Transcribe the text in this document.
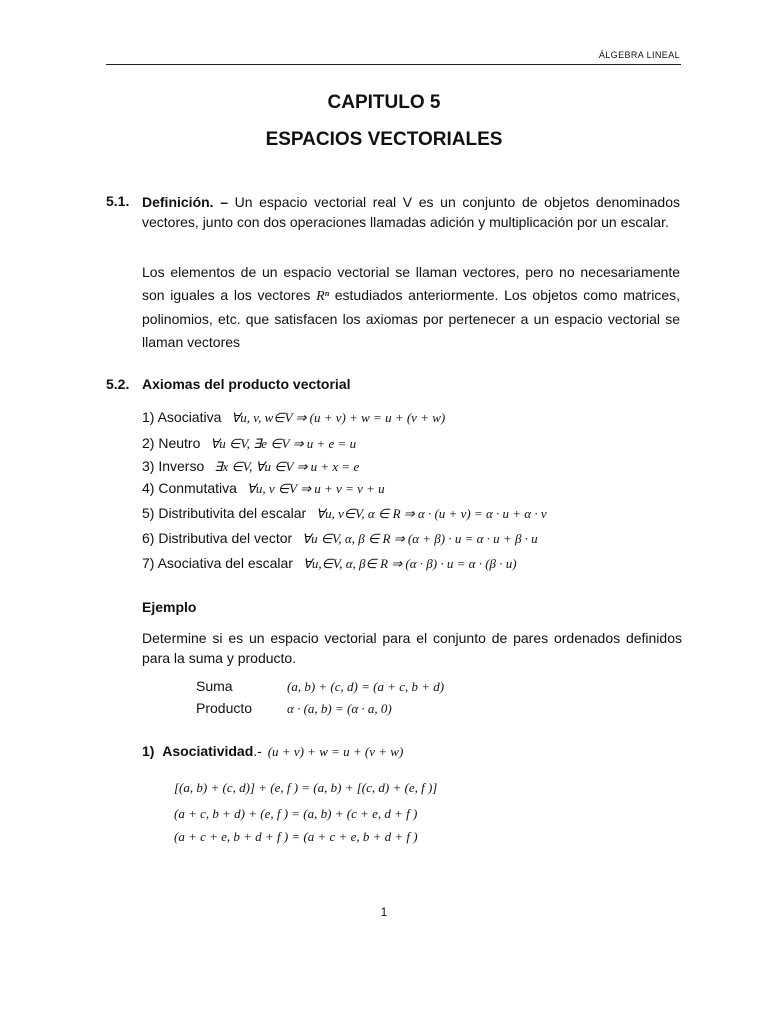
ÁLGEBRA LINEAL
CAPITULO 5
ESPACIOS VECTORIALES
5.1. Definición. – Un espacio vectorial real V es un conjunto de objetos denominados vectores, junto con dos operaciones llamadas adición y multiplicación por un escalar.

Los elementos de un espacio vectorial se llaman vectores, pero no necesariamente son iguales a los vectores Rⁿ estudiados anteriormente. Los objetos como matrices, polinomios, etc. que satisfacen los axiomas por pertenecer a un espacio vectorial se llaman vectores

5.2. Axiomas del producto vectorial
1) Asociativa ∀u, v, w∈V ⇒ (u + v) + w = u + (v + w)
2) Neutro ∀u ∈V, ∃e ∈V ⇒ u + e = u
3) Inverso ∃x ∈V, ∀u ∈V ⇒ u + x = e
4) Conmutativa ∀u, v ∈V ⇒ u + v = v + u
5) Distributivita del escalar ∀u, v∈V, α ∈ R ⇒ α · (u + v) = α · u + α · v
6) Distributiva del vector ∀u ∈V, α, β ∈ R ⇒ (α + β) · u = α · u + β · u
7) Asociativa del escalar ∀u,∈V, α, β∈ R ⇒ (α · β) · u = α · (β · u)
Ejemplo

Determine si es un espacio vectorial para el conjunto de pares ordenados definidos para la suma y producto.

Suma	(a, b) + (c, d) = (a + c, b + d)
Producto	α · (a, b) = (α · a, 0)
1) Asociatividad.- (u + v) + w = u + (v + w)
[(a, b) + (c, d)] + (e, f ) = (a, b) + [(c, d) + (e, f )]
(a + c, b + d) + (e, f ) = (a, b) + (c + e, d + f )
(a + c + e, b + d + f ) = (a + c + e, b + d + f )
1
